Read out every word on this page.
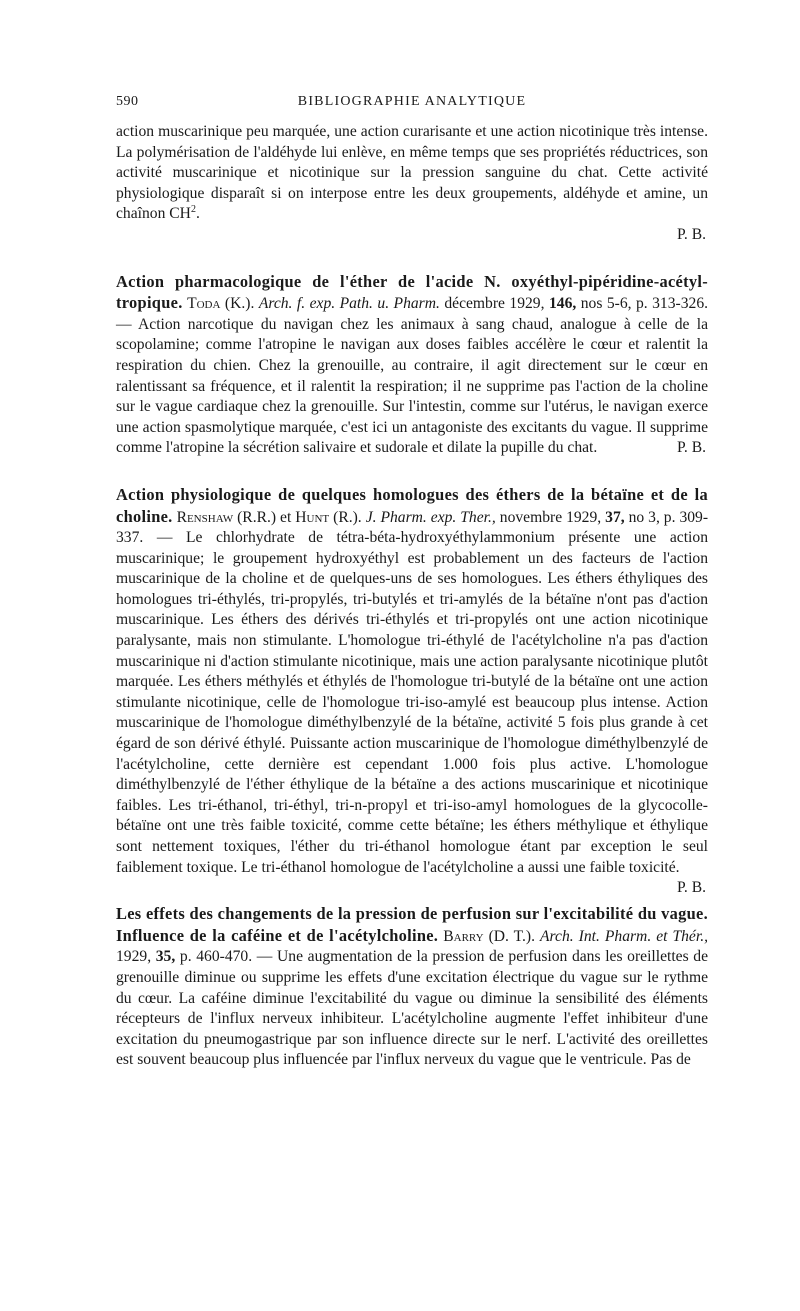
590	BIBLIOGRAPHIE ANALYTIQUE

action muscarinique peu marquée, une action curarisante et une action nicotinique très intense. La polymérisation de l'aldéhyde lui enlève, en même temps que ses propriétés réductrices, son activité muscarinique et nicotinique sur la pression sanguine du chat. Cette activité physiologique disparaît si on interpose entre les deux groupements, aldéhyde et amine, un chaînon $CH^2$.

P. B.

Action pharmacologique de l'éther de l'acide N. oxyéthyl-pipéridine-acétyl-tropique. Toda (K.). Arch. f. exp. Path. u. Pharm. décembre 1929, 146, nos 5-6, p. 313-326. — Action narcotique du navigan chez les animaux à sang chaud, analogue à celle de la scopolamine; comme l'atropine le navigan aux doses faibles accélère le cœur et ralentit la respiration du chien. Chez la grenouille, au contraire, il agit directement sur le cœur en ralentissant sa fréquence, et il ralentit la respiration; il ne supprime pas l'action de la choline sur le vague cardiaque chez la grenouille. Sur l'intestin, comme sur l'utérus, le navigan exerce une action spasmolytique marquée, c'est ici un antagoniste des excitants du vague. Il supprime comme l'atropine la sécrétion salivaire et sudorale et dilate la pupille du chat.	P. B.

Action physiologique de quelques homologues des éthers de la bétaïne et de la choline. Renshaw (R.R.) et Hunt (R.). J. Pharm. exp. Ther., novembre 1929, 37, no 3, p. 309-337. — Le chlorhydrate de tétra-béta-hydroxyéthylammonium présente une action muscarinique; le groupement hydroxyéthyl est probablement un des facteurs de l'action muscarinique de la choline et de quelques-uns de ses homologues. Les éthers éthyliques des homologues tri-éthylés, tri-propylés, tri-butylés et tri-amylés de la bétaïne n'ont pas d'action muscarinique. Les éthers des dérivés tri-éthylés et tri-propylés ont une action nicotinique paralysante, mais non stimulante. L'homologue tri-éthylé de l'acétylcholine n'a pas d'action muscarinique ni d'action stimulante nicotinique, mais une action paralysante nicotinique plutôt marquée. Les éthers méthylés et éthylés de l'homologue tri-butylé de la bétaïne ont une action stimulante nicotinique, celle de l'homologue tri-iso-amylé est beaucoup plus intense. Action muscarinique de l'homologue diméthylbenzylé de la bétaïne, activité 5 fois plus grande à cet égard de son dérivé éthylé. Puissante action muscarinique de l'homologue diméthylbenzylé de l'acétylcholine, cette dernière est cependant 1.000 fois plus active. L'homologue diméthylbenzylé de l'éther éthylique de la bétaïne a des actions muscarinique et nicotinique faibles. Les tri-éthanol, tri-éthyl, tri-n-propyl et tri-iso-amyl homologues de la glycocolle-bétaïne ont une très faible toxicité, comme cette bétaïne; les éthers méthylique et éthylique sont nettement toxiques, l'éther du tri-éthanol homologue étant par exception le seul faiblement toxique. Le tri-éthanol homologue de l'acétylcholine a aussi une faible toxicité.
P. B.

Les effets des changements de la pression de perfusion sur l'excitabilité du vague. Influence de la caféine et de l'acétylcholine. Barry (D. T.). Arch. Int. Pharm. et Thér., 1929, 35, p. 460-470. — Une augmentation de la pression de perfusion dans les oreillettes de grenouille diminue ou supprime les effets d'une excitation électrique du vague sur le rythme du cœur. La caféine diminue l'excitabilité du vague ou diminue la sensibilité des éléments récepteurs de l'influx nerveux inhibiteur. L'acétylcholine augmente l'effet inhibiteur d'une excitation du pneumogastrique par son influence directe sur le nerf. L'activité des oreillettes est souvent beaucoup plus influencée par l'influx nerveux du vague que le ventricule. Pas de
